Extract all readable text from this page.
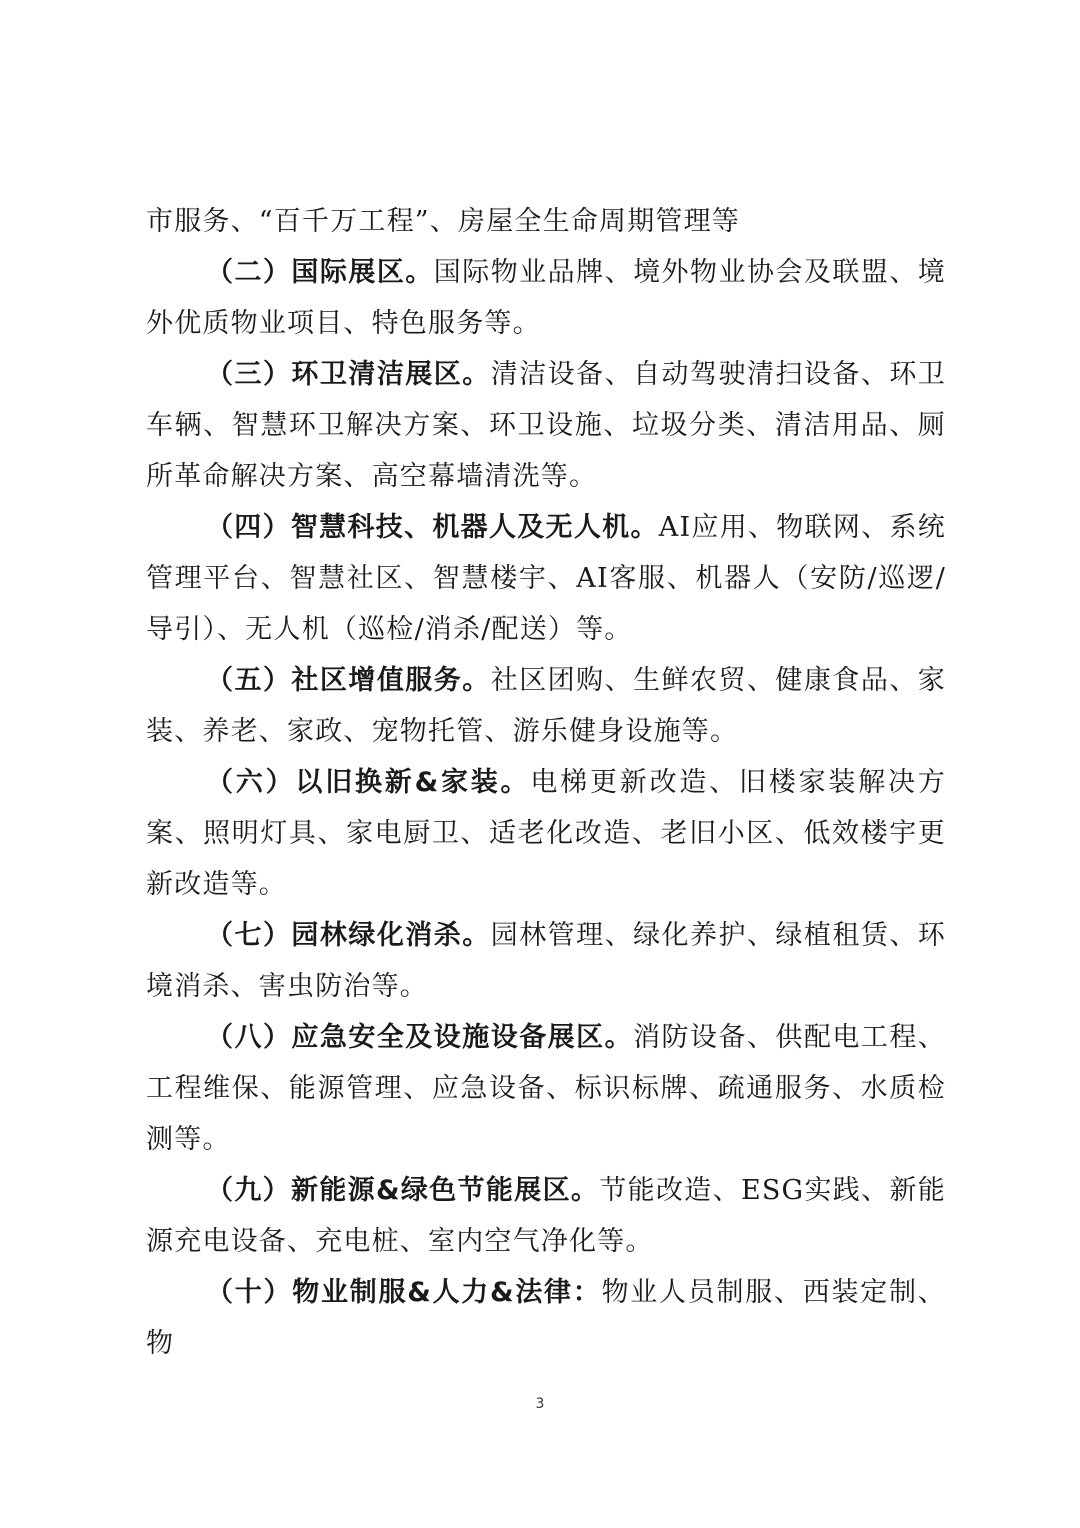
市服务、“百千万工程”、房屋全生命周期管理等

（二）国际展区。国际物业品牌、境外物业协会及联盟、境外优质物业项目、特色服务等。

（三）环卫清洁展区。清洁设备、自动驾驶清扫设备、环卫车辆、智慧环卫解决方案、环卫设施、垃圾分类、清洁用品、厕所革命解决方案、高空幕墙清洗等。

（四）智慧科技、机器人及无人机。AI应用、物联网、系统管理平台、智慧社区、智慧楼宇、AI客服、机器人（安防/巡逻/导引）、无人机（巡检/消杀/配送）等。

（五）社区增值服务。社区团购、生鲜农贸、健康食品、家装、养老、家政、宠物托管、游乐健身设施等。

（六）以旧换新&家装。电梯更新改造、旧楼家装解决方案、照明灯具、家电厨卫、适老化改造、老旧小区、低效楼宇更新改造等。

（七）园林绿化消杀。园林管理、绿化养护、绿植租赁、环境消杀、害虫防治等。

（八）应急安全及设施设备展区。消防设备、供配电工程、工程维保、能源管理、应急设备、标识标牌、疏通服务、水质检测等。

（九）新能源&绿色节能展区。节能改造、ESG实践、新能源充电设备、充电桩、室内空气净化等。

（十）物业制服&人力&法律：物业人员制服、西装定制、物

3
